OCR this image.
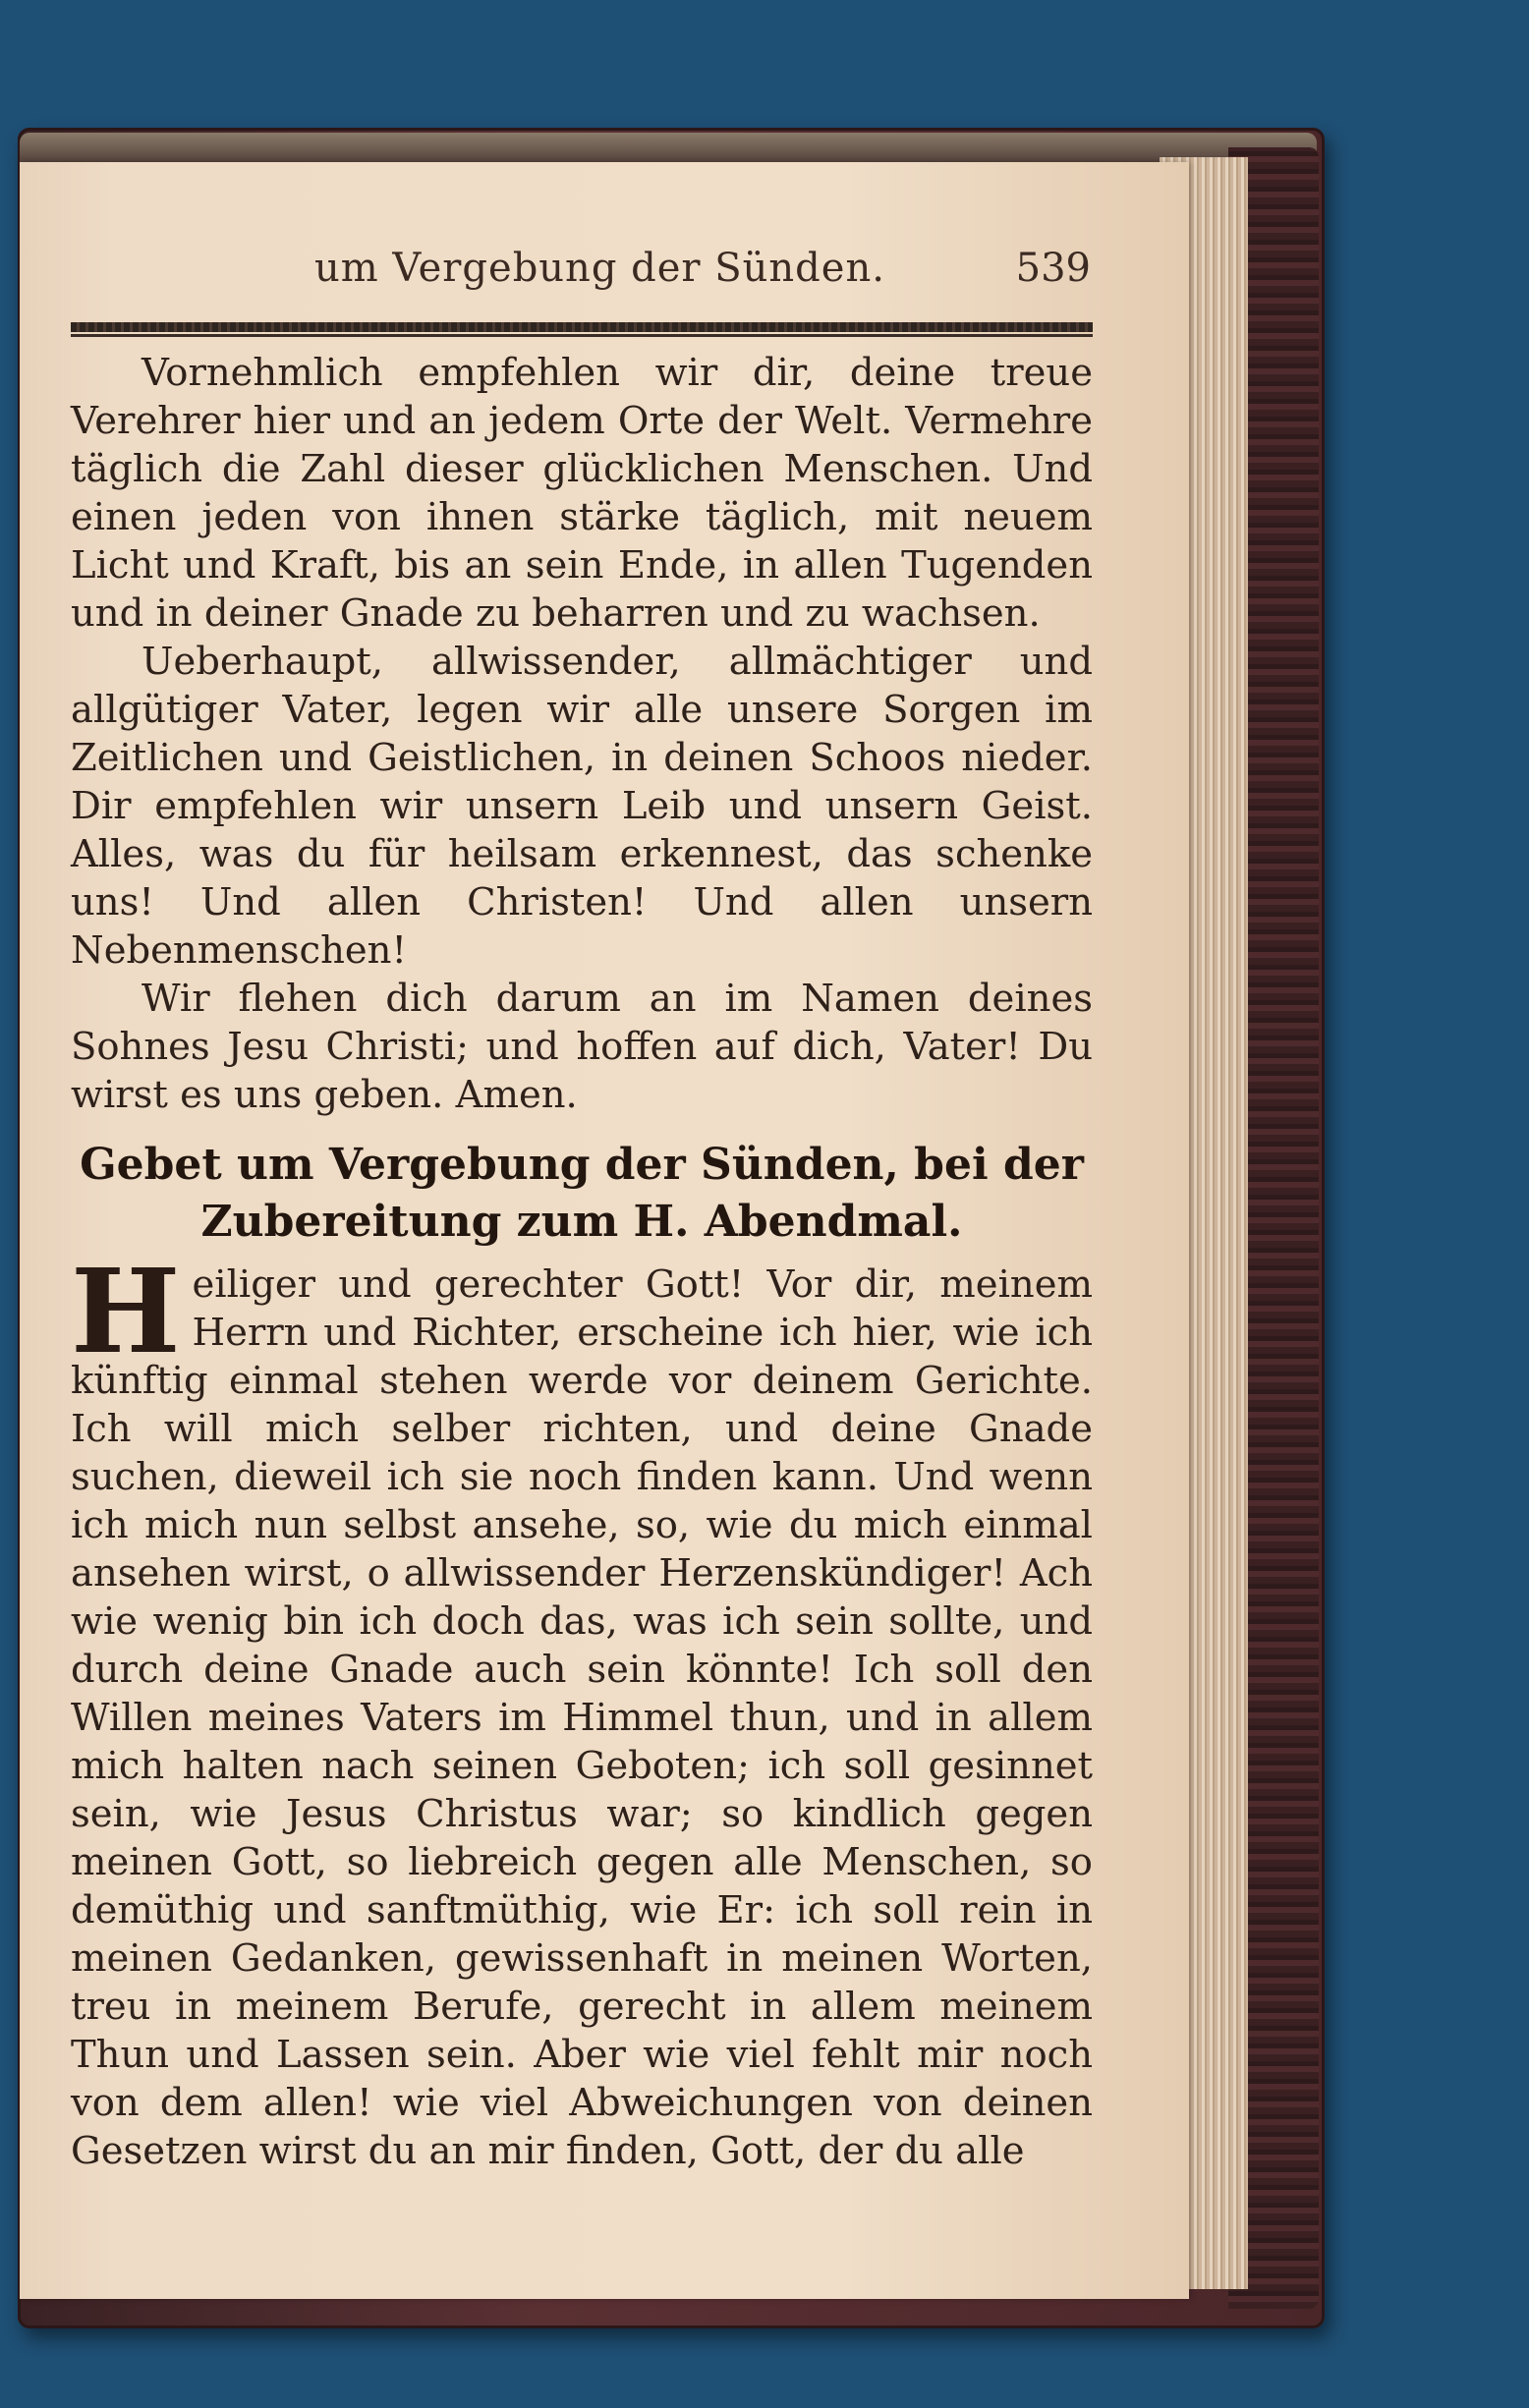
um Vergebung der Sünden.	539

Vornehmlich empfehlen wir dir, deine treue Verehrer hier und an jedem Orte der Welt. Vermehre täglich die Zahl dieser glücklichen Menschen. Und einen jeden von ihnen stärke täglich, mit neuem Licht und Kraft, bis an sein Ende, in allen Tugenden und in deiner Gnade zu beharren und zu wachsen.

Ueberhaupt, allwissender, allmächtiger und allgütiger Vater, legen wir alle unsere Sorgen im Zeitlichen und Geistlichen, in deinen Schoos nieder. Dir empfehlen wir unsern Leib und unsern Geist. Alles, was du für heilsam erkennest, das schenke uns! Und allen Christen! Und allen unsern Nebenmenschen!

Wir flehen dich darum an im Namen deines Sohnes Jesu Christi; und hoffen auf dich, Vater! Du wirst es uns geben. Amen.

Gebet um Vergebung der Sünden, bei der
Zubereitung zum H. Abendmal.

Heiliger und gerechter Gott! Vor dir, meinem Herrn und Richter, erscheine ich hier, wie ich künftig einmal stehen werde vor deinem Gerichte. Ich will mich selber richten, und deine Gnade suchen, dieweil ich sie noch finden kann. Und wenn ich mich nun selbst ansehe, so, wie du mich einmal ansehen wirst, o allwissender Herzenskündiger! Ach wie wenig bin ich doch das, was ich sein sollte, und durch deine Gnade auch sein könnte! Ich soll den Willen meines Vaters im Himmel thun, und in allem mich halten nach seinen Geboten; ich soll gesinnet sein, wie Jesus Christus war; so kindlich gegen meinen Gott, so liebreich gegen alle Menschen, so demüthig und sanftmüthig, wie Er: ich soll rein in meinen Gedanken, gewissenhaft in meinen Worten, treu in meinem Berufe, gerecht in allem meinem Thun und Lassen sein. Aber wie viel fehlt mir noch von dem allen! wie viel Abweichungen von deinen Gesetzen wirst du an mir finden, Gott, der du alle
